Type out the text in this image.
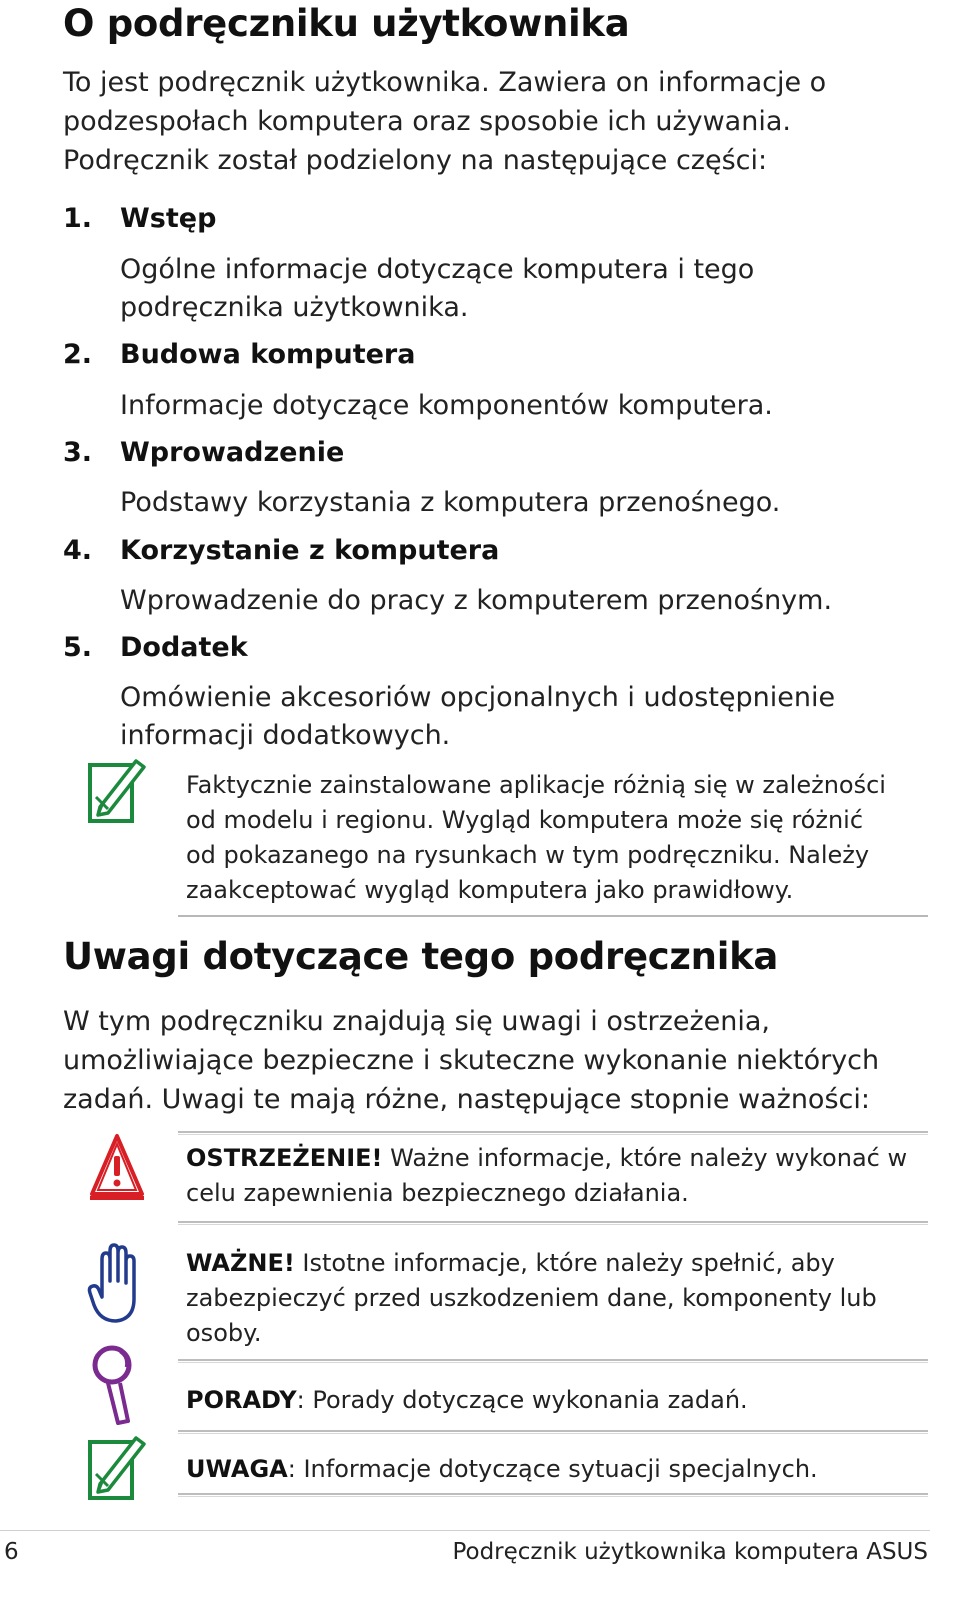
O podręczniku użytkownika
To jest podręcznik użytkownika. Zawiera on informacje o podzespołach komputera oraz sposobie ich używania. Podręcznik został podzielony na następujące części:
1. Wstęp
Ogólne informacje dotyczące komputera i tego podręcznika użytkownika.
2. Budowa komputera
Informacje dotyczące komponentów komputera.
3. Wprowadzenie
Podstawy korzystania z komputera przenośnego.
4. Korzystanie z komputera
Wprowadzenie do pracy z komputerem przenośnym.
5. Dodatek
Omówienie akcesoriów opcjonalnych i udostępnienie informacji dodatkowych.
Faktycznie zainstalowane aplikacje różnią się w zależności od modelu i regionu. Wygląd komputera może się różnić od pokazanego na rysunkach w tym podręczniku. Należy zaakceptować wygląd komputera jako prawidłowy.
Uwagi dotyczące tego podręcznika
W tym podręczniku znajdują się uwagi i ostrzeżenia, umożliwiające bezpieczne i skuteczne wykonanie niektórych zadań. Uwagi te mają różne, następujące stopnie ważności:
OSTRZEŻENIE! Ważne informacje, które należy wykonać w celu zapewnienia bezpiecznego działania.
WAŻNE! Istotne informacje, które należy spełnić, aby zabezpieczyć przed uszkodzeniem dane, komponenty lub osoby.
PORADY: Porady dotyczące wykonania zadań.
UWAGA: Informacje dotyczące sytuacji specjalnych.
6	Podręcznik użytkownika komputera ASUS
